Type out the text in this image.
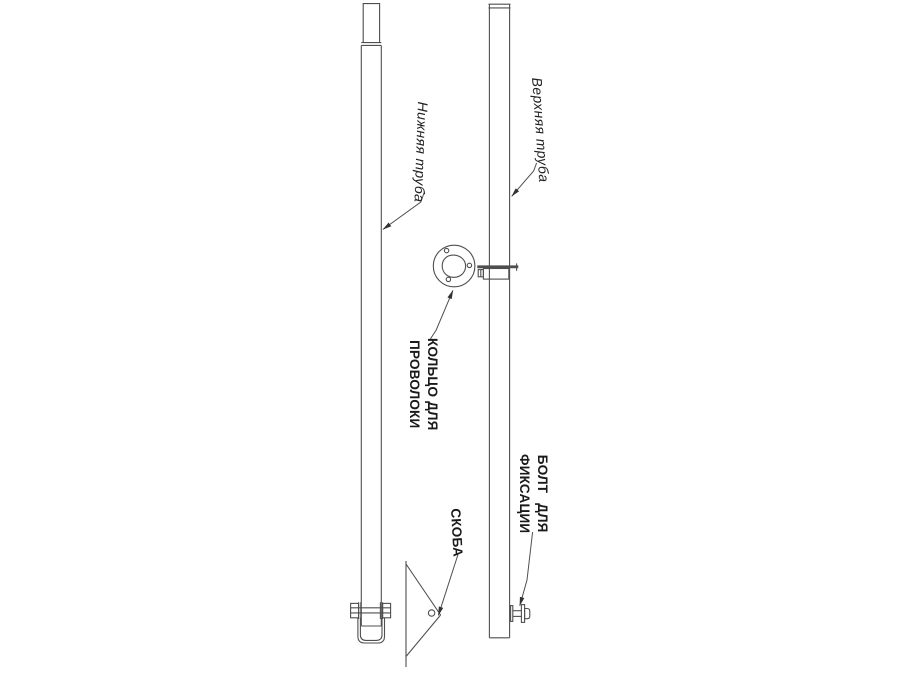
Нижняя труба	Верхняя труба
КОЛЬЦО ДЛЯ
ПРОВОЛОКИ
БОЛТ ДЛЯ
ФИКСАЦИИ
СКОБА
